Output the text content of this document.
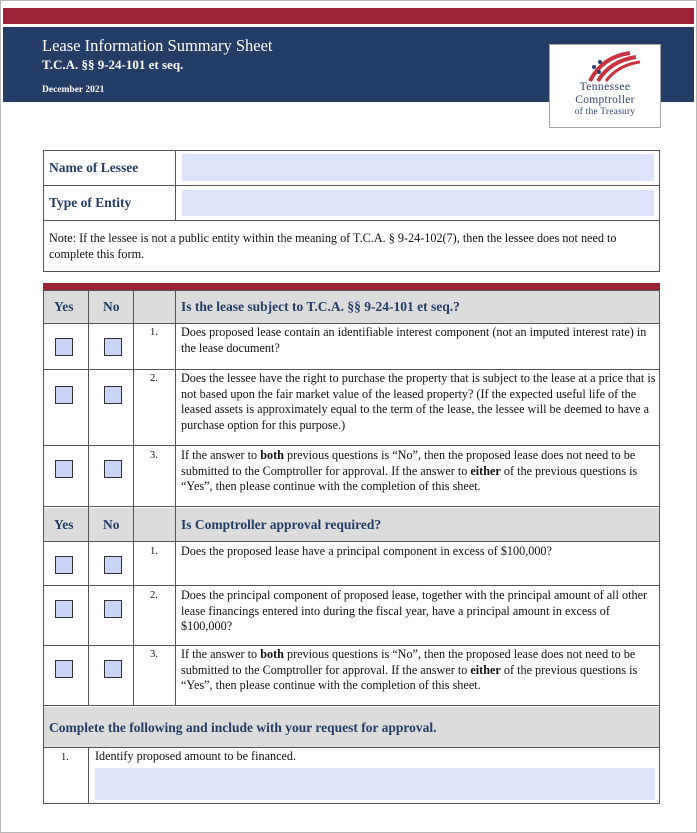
Lease Information Summary Sheet
T.C.A. §§ 9-24-101 et seq.
December 2021	Tennessee
Comptroller
of the Treasury
Name of Lessee
Type of Entity
Note: If the lessee is not a public entity within the meaning of T.C.A. § 9-24-102(7), then the lessee does not need to complete this form.
Yes No	Is the lease subject to T.C.A. §§ 9-24-101 et seq.?
1. Does proposed lease contain an identifiable interest component (not an imputed interest rate) in the lease document?
2. Does the lessee have the right to purchase the property that is subject to the lease at a price that is not based upon the fair market value of the leased property? (If the expected useful life of the leased assets is approximately equal to the term of the lease, the lessee will be deemed to have a purchase option for this purpose.)
3. If the answer to both previous questions is “No”, then the proposed lease does not need to be submitted to the Comptroller for approval. If the answer to either of the previous questions is “Yes”, then please continue with the completion of this sheet.
Yes No	Is Comptroller approval required?
1. Does the proposed lease have a principal component in excess of $100,000?
2. Does the principal component of proposed lease, together with the principal amount of all other lease financings entered into during the fiscal year, have a principal amount in excess of $100,000?
3. If the answer to both previous questions is “No”, then the proposed lease does not need to be submitted to the Comptroller for approval. If the answer to either of the previous questions is “Yes”, then please continue with the completion of this sheet.
Complete the following and include with your request for approval.
1. Identify proposed amount to be financed.
